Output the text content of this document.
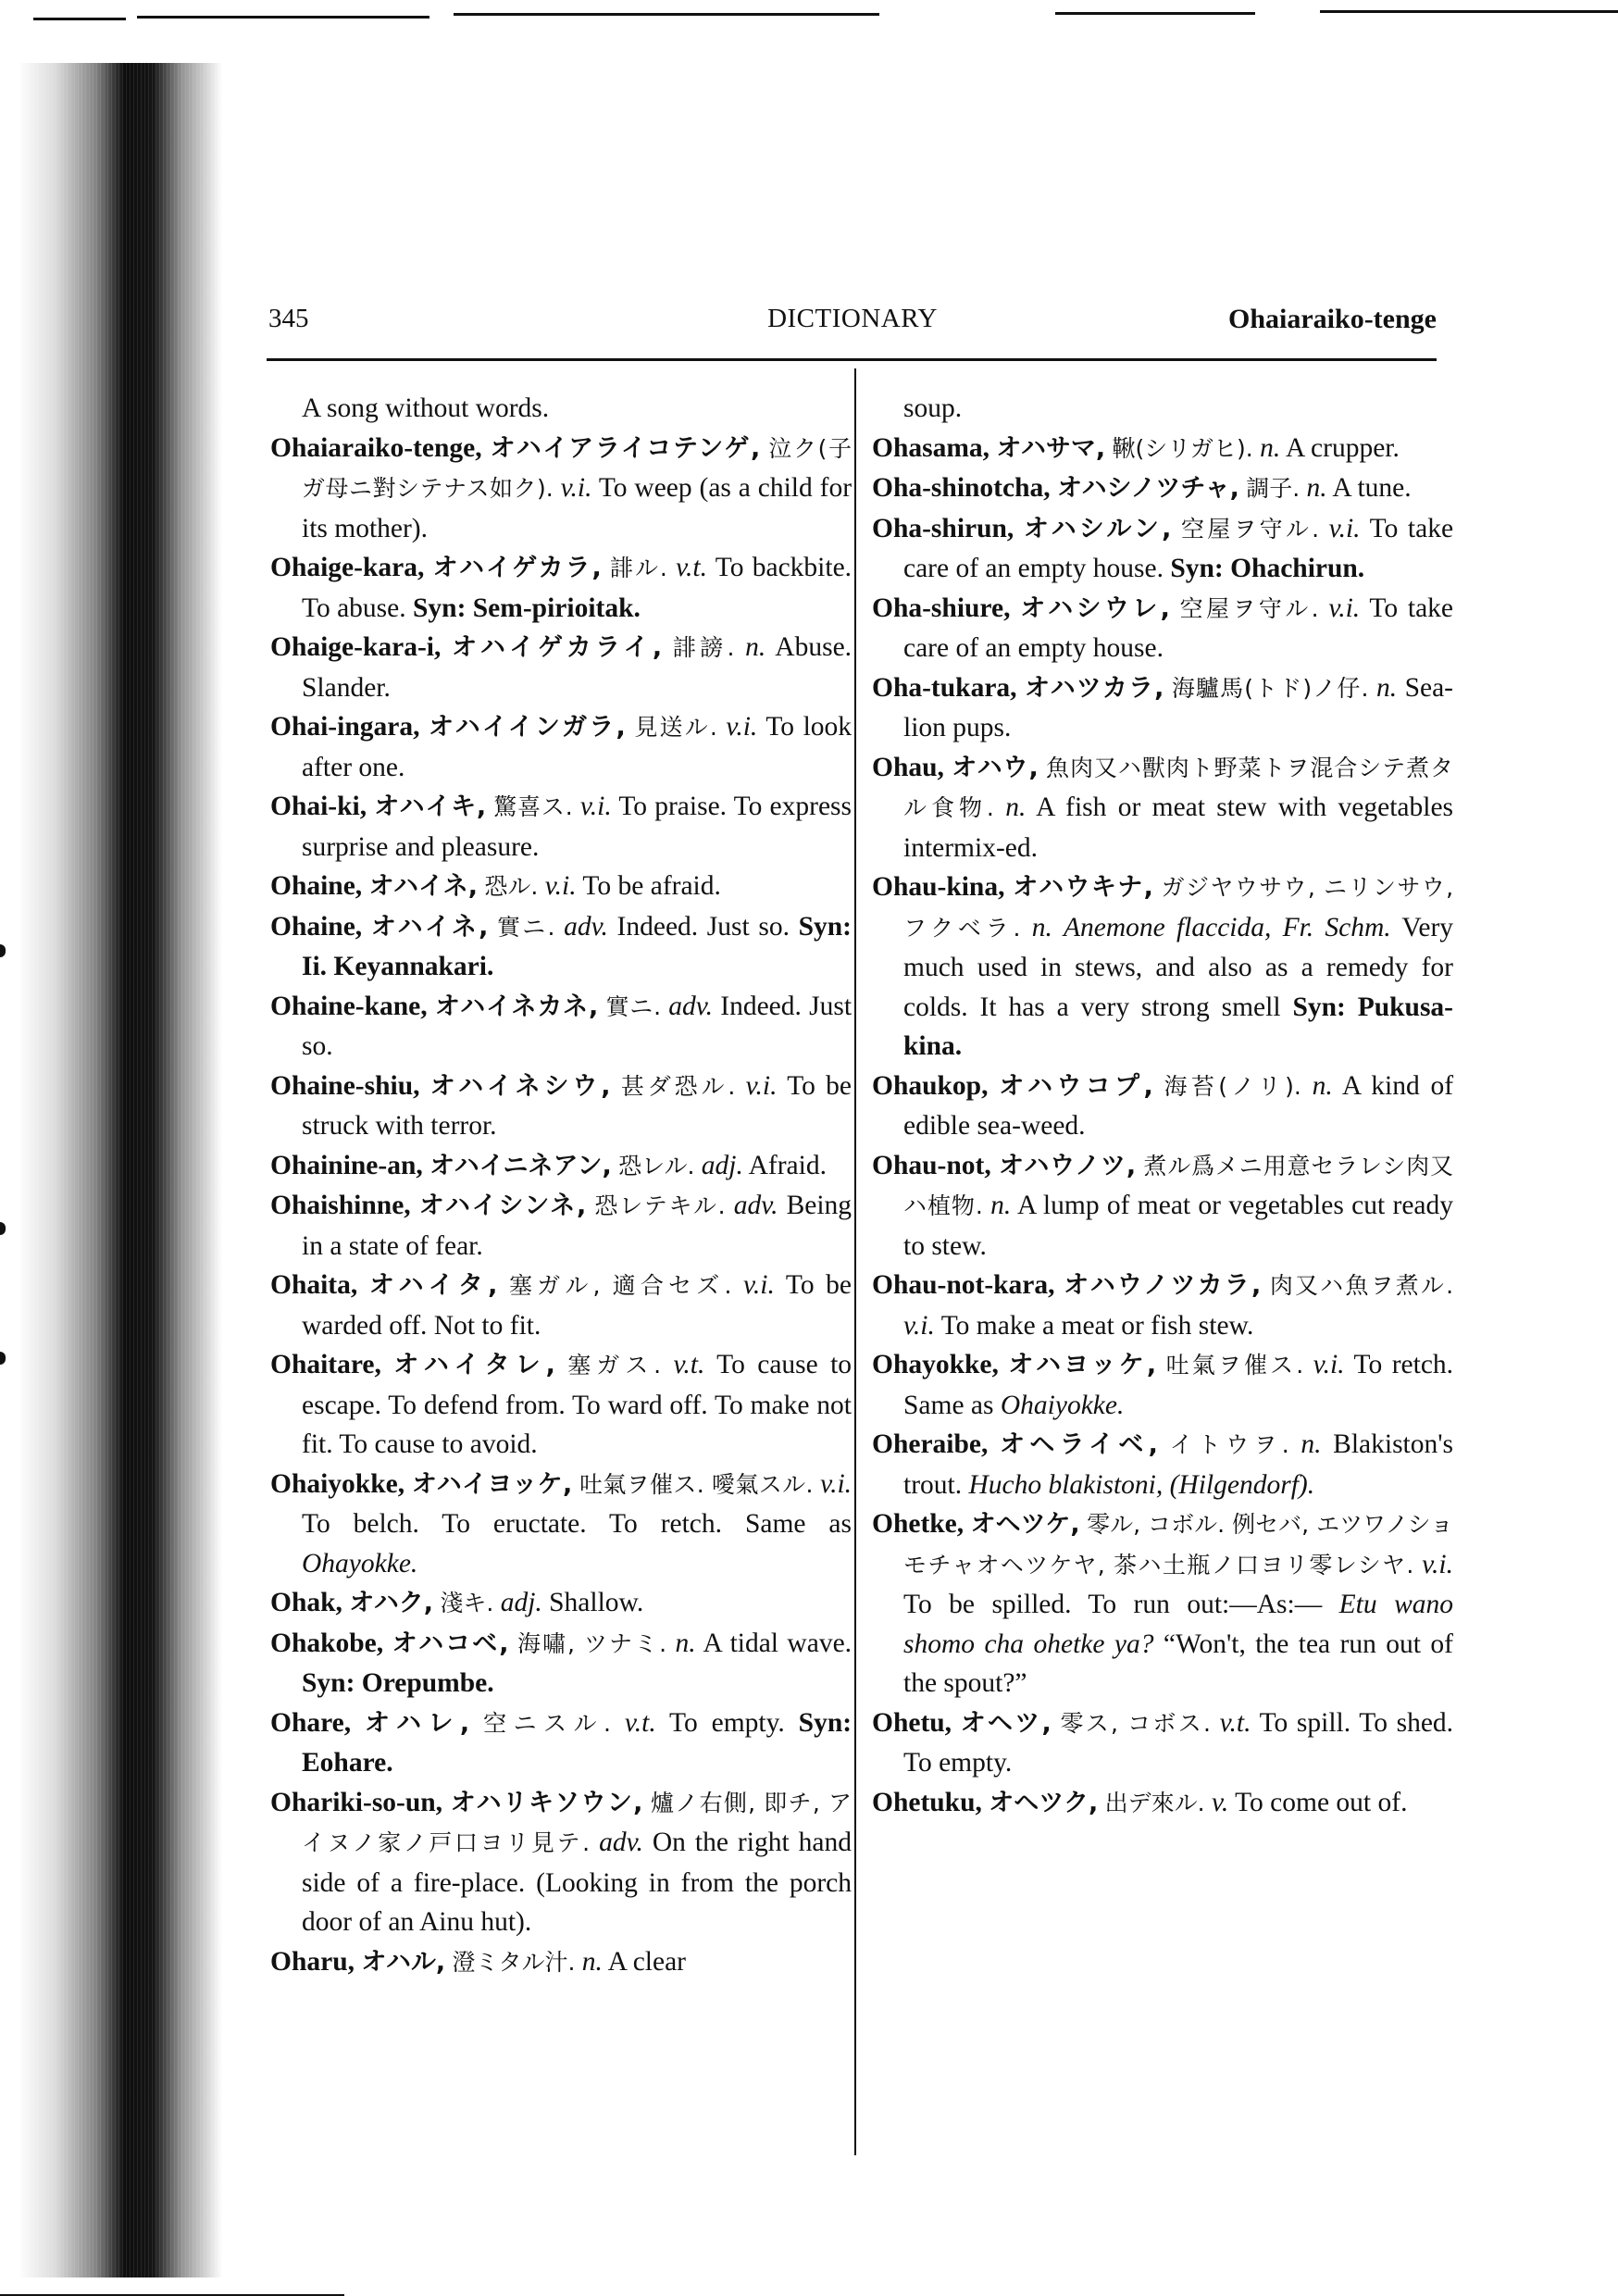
345	DICTIONARY	Ohaiaraiko-tenge

A song without words.

Ohaiaraiko-tenge, オハイアライコテンゲ, 泣ク(子ガ母ニ對シテナス如ク). v.i. To weep (as a child for its mother).

Ohaige-kara, オハイゲカラ, 誹ル. v.t. To backbite. To abuse. Syn: Sem-pirioitak.

Ohaige-kara-i, オハイゲカライ, 誹謗. n. Abuse. Slander.

Ohai-ingara, オハイインガラ, 見送ル. v.i. To look after one.

Ohai-ki, オハイキ, 驚喜ス. v.i. To praise. To express surprise and pleasure.

Ohaine, オハイネ, 恐ル. v.i. To be afraid.

Ohaine, オハイネ, 實ニ. adv. Indeed. Just so. Syn: Ii. Keyannakari.

Ohaine-kane, オハイネカネ, 實ニ. adv. Indeed. Just so.

Ohaine-shiu, オハイネシウ, 甚ダ恐ル. v.i. To be struck with terror.

Ohainine-an, オハイニネアン, 恐レル. adj. Afraid.

Ohaishinne, オハイシンネ, 恐レテキル. adv. Being in a state of fear.

Ohaita, オハイタ, 塞ガル, 適合セズ. v.i. To be warded off. Not to fit.

Ohaitare, オハイタレ, 塞ガス. v.t. To cause to escape. To defend from. To ward off. To make not fit. To cause to avoid.

Ohaiyokke, オハイヨッケ, 吐氣ヲ催ス. 噯氣スル. v.i. To belch. To eructate. To retch. Same as Ohayokke.

Ohak, オハク, 淺キ. adj. Shallow.

Ohakobe, オハコベ, 海嘯, ツナミ. n. A tidal wave. Syn: Orepumbe.

Ohare, オハレ, 空ニスル. v.t. To empty. Syn: Eohare.

Ohariki-so-un, オハリキソウン, 爐ノ右側, 即チ, アイヌノ家ノ戸口ヨリ見テ. adv. On the right hand side of a fire-place. (Looking in from the porch door of an Ainu hut).

Oharu, オハル, 澄ミタル汁. n. A clear

soup.

Ohasama, オハサマ, 鞦(シリガヒ). n. A crupper.

Oha-shinotcha, オハシノツチャ, 調子. n. A tune.

Oha-shirun, オハシルン, 空屋ヲ守ル. v.i. To take care of an empty house. Syn: Ohachirun.

Oha-shiure, オハシウレ, 空屋ヲ守ル. v.i. To take care of an empty house.

Oha-tukara, オハツカラ, 海驢馬(トド)ノ仔. n. Sea-lion pups.

Ohau, オハウ, 魚肉又ハ獸肉ト野菜トヲ混合シテ煮タル食物. n. A fish or meat stew with vegetables intermix-ed.

Ohau-kina, オハウキナ, ガジヤウサウ, ニリンサウ, フクベラ. n. Anemone flaccida, Fr. Schm. Very much used in stews, and also as a remedy for colds. It has a very strong smell Syn: Pukusa-kina.

Ohaukop, オハウコプ, 海苔(ノリ). n. A kind of edible sea-weed.

Ohau-not, オハウノツ, 煮ル爲メニ用意セラレシ肉又ハ植物. n. A lump of meat or vegetables cut ready to stew.

Ohau-not-kara, オハウノツカラ, 肉又ハ魚ヲ煮ル. v.i. To make a meat or fish stew.

Ohayokke, オハヨッケ, 吐氣ヲ催ス. v.i. To retch. Same as Ohaiyokke.

Oheraibe, オヘライベ, イトウヲ. n. Blakiston's trout. Hucho blakistoni, (Hilgendorf).

Ohetke, オヘツケ, 零ル, コボル. 例セバ, エツワノショモチャオヘツケヤ, 茶ハ土瓶ノ口ヨリ零レシヤ. v.i. To be spilled. To run out:—As:— Etu wano shomo cha ohetke ya? “Won't, the tea run out of the spout?”

Ohetu, オヘツ, 零ス, コボス. v.t. To spill. To shed. To empty.

Ohetuku, オヘツク, 出デ來ル. v. To come out of.
